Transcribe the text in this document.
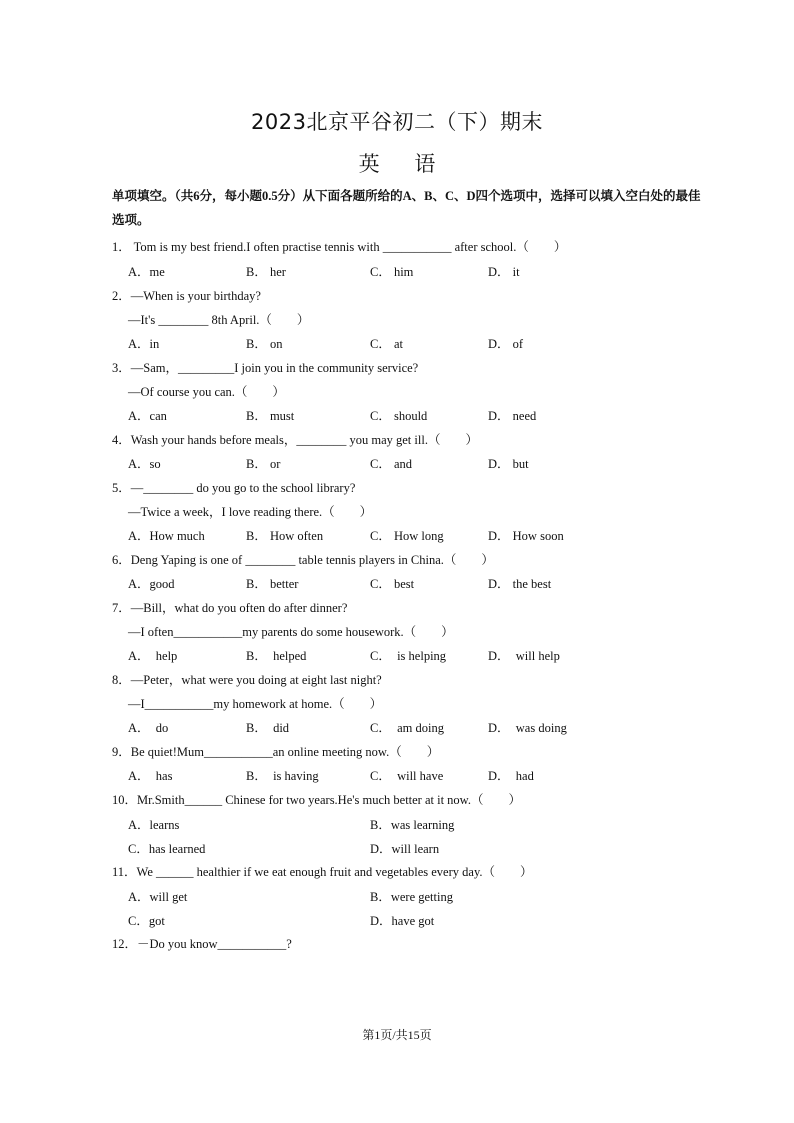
2023北京平谷初二（下）期末
英 语
单项填空。（共6分，每小题0.5分）从下面各题所给的A、B、C、D四个选项中，选择可以填入空白处的最佳选项。
1． Tom is my best friend.I often practise tennis with ___________ after school.（　　）
A．me	B． her	C． him	D． it
2．—When is your birthday?
—It's ________ 8th April.（　　）
A．in	B． on	C． at	D． of
3．—Sam，_________I join you in the community service?
—Of course you can.（　　）
A．can	B． must	C． should	D． need
4．Wash your hands before meals，________ you may get ill.（　　）
A．so	B． or	C． and	D． but
5．—________ do you go to the school library?
—Twice a week，I love reading there.（　　）
A．How much	B． How often	C． How long	D． How soon
6．Deng Yaping is one of ________ table tennis players in China.（　　）
A．good	B． better	C． best	D． the best
7．—Bill，what do you often do after dinner?
—I often___________my parents do some housework.（　　）
A．  help	B．  helped	C．  is helping	D．  will help
8．—Peter，what were you doing at eight last night?
—I___________my homework at home.（　　）
A．  do	B．  did	C．  am doing	D．  was doing
9．Be quiet!Mum___________an online meeting now.（　　）
A．  has	B．  is having	C．  will have	D．  had
10．Mr.Smith______ Chinese for two years.He's much better at it now.（　　）
A．learns	B．was learning
C．has learned	D．will learn
11．We ______ healthier if we eat enough fruit and vegetables every day.（　　）
A．will get	B．were getting
C．got	D．have got
12．－Do you know___________?
第1页/共15页
